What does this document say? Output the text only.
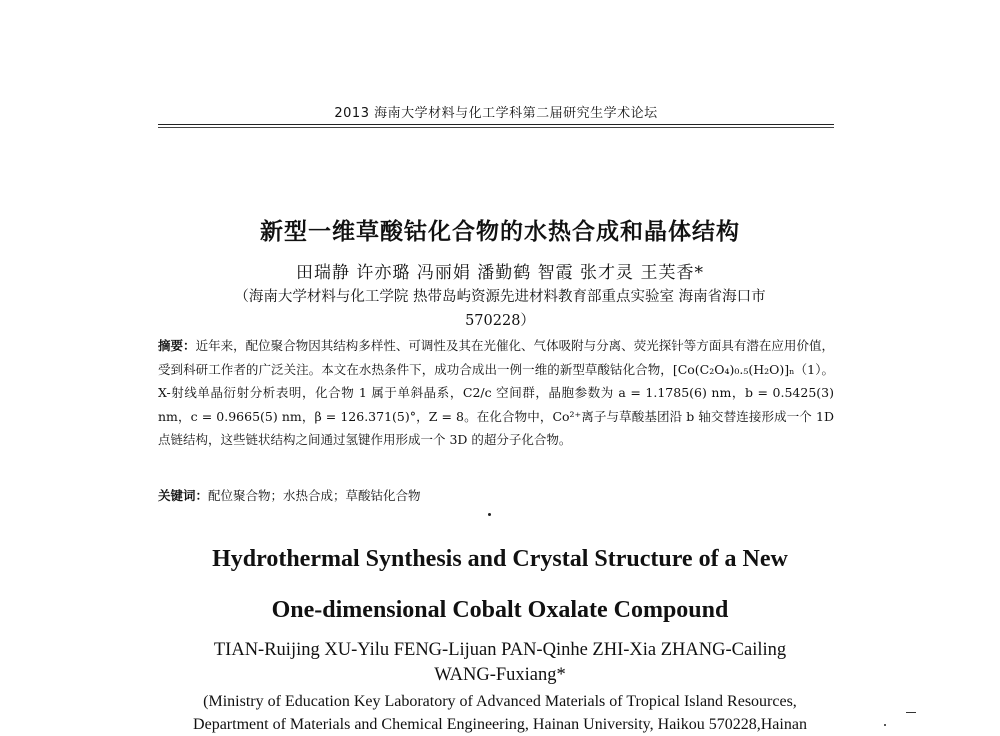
2013 海南大学材料与化工学科第二届研究生学术论坛
新型一维草酸钴化合物的水热合成和晶体结构
田瑞静 许亦璐 冯丽娟 潘勤鹤 智霞 张才灵 王芙香*
（海南大学材料与化工学院 热带岛屿资源先进材料教育部重点实验室 海南省海口市
570228）
摘要：近年来，配位聚合物因其结构多样性、可调性及其在光催化、气体吸附与分离、荧光探针等方面具有潜在应用价值，受到科研工作者的广泛关注。本文在水热条件下，成功合成出一例一维的新型草酸钴化合物，[Co(C₂O₄)₀.₅(H₂O)]ₙ（1）。X-射线单晶衍射分析表明，化合物 1 属于单斜晶系，C2/c 空间群，晶胞参数为 a = 1.1785(6) nm，b = 0.5425(3) nm，c = 0.9665(5) nm，β = 126.371(5)°，Z = 8。在化合物中，Co²⁺离子与草酸基团沿 b 轴交替连接形成一个 1D 点链结构，这些链状结构之间通过氢键作用形成一个 3D 的超分子化合物。
关键词：配位聚合物；水热合成；草酸钴化合物
Hydrothermal Synthesis and Crystal Structure of a New
One-dimensional Cobalt Oxalate Compound
TIAN-Ruijing XU-Yilu FENG-Lijuan PAN-Qinhe ZHI-Xia ZHANG-Cailing
WANG-Fuxiang*
(Ministry of Education Key Laboratory of Advanced Materials of Tropical Island Resources,
Department of Materials and Chemical Engineering, Hainan University, Haikou 570228,Hainan
